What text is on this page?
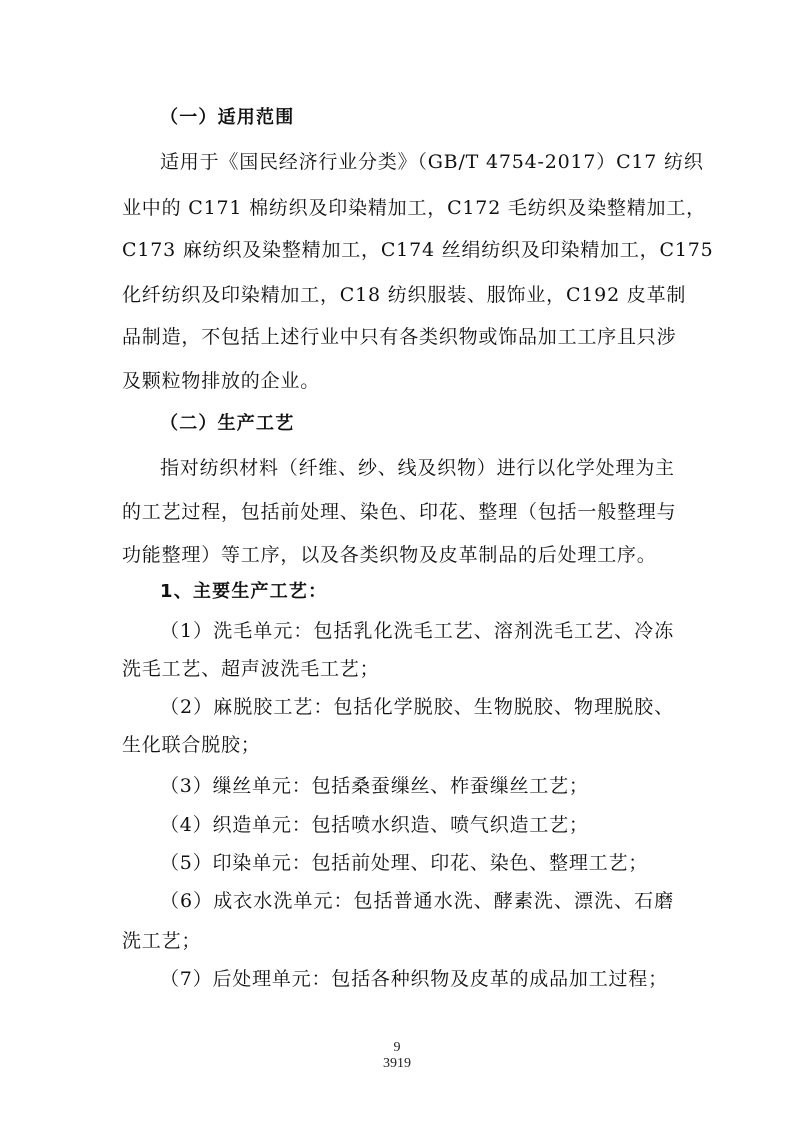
（一）适用范围
适用于《国民经济行业分类》（GB/T 4754-2017）C17 纺织
业中的 C171 棉纺织及印染精加工，C172 毛纺织及染整精加工，
C173 麻纺织及染整精加工，C174 丝绢纺织及印染精加工，C175
化纤纺织及印染精加工，C18 纺织服装、服饰业，C192 皮革制
品制造，不包括上述行业中只有各类织物或饰品加工工序且只涉
及颗粒物排放的企业。
（二）生产工艺
指对纺织材料（纤维、纱、线及织物）进行以化学处理为主
的工艺过程，包括前处理、染色、印花、整理（包括一般整理与
功能整理）等工序，以及各类织物及皮革制品的后处理工序。
1、主要生产工艺：
（1）洗毛单元：包括乳化洗毛工艺、溶剂洗毛工艺、冷冻
洗毛工艺、超声波洗毛工艺；
（2）麻脱胶工艺：包括化学脱胶、生物脱胶、物理脱胶、
生化联合脱胶；
（3）缫丝单元：包括桑蚕缫丝、柞蚕缫丝工艺；
（4）织造单元：包括喷水织造、喷气织造工艺；
（5）印染单元：包括前处理、印花、染色、整理工艺；
（6）成衣水洗单元：包括普通水洗、酵素洗、漂洗、石磨
洗工艺；
（7）后处理单元：包括各种织物及皮革的成品加工过程；
9
3919
